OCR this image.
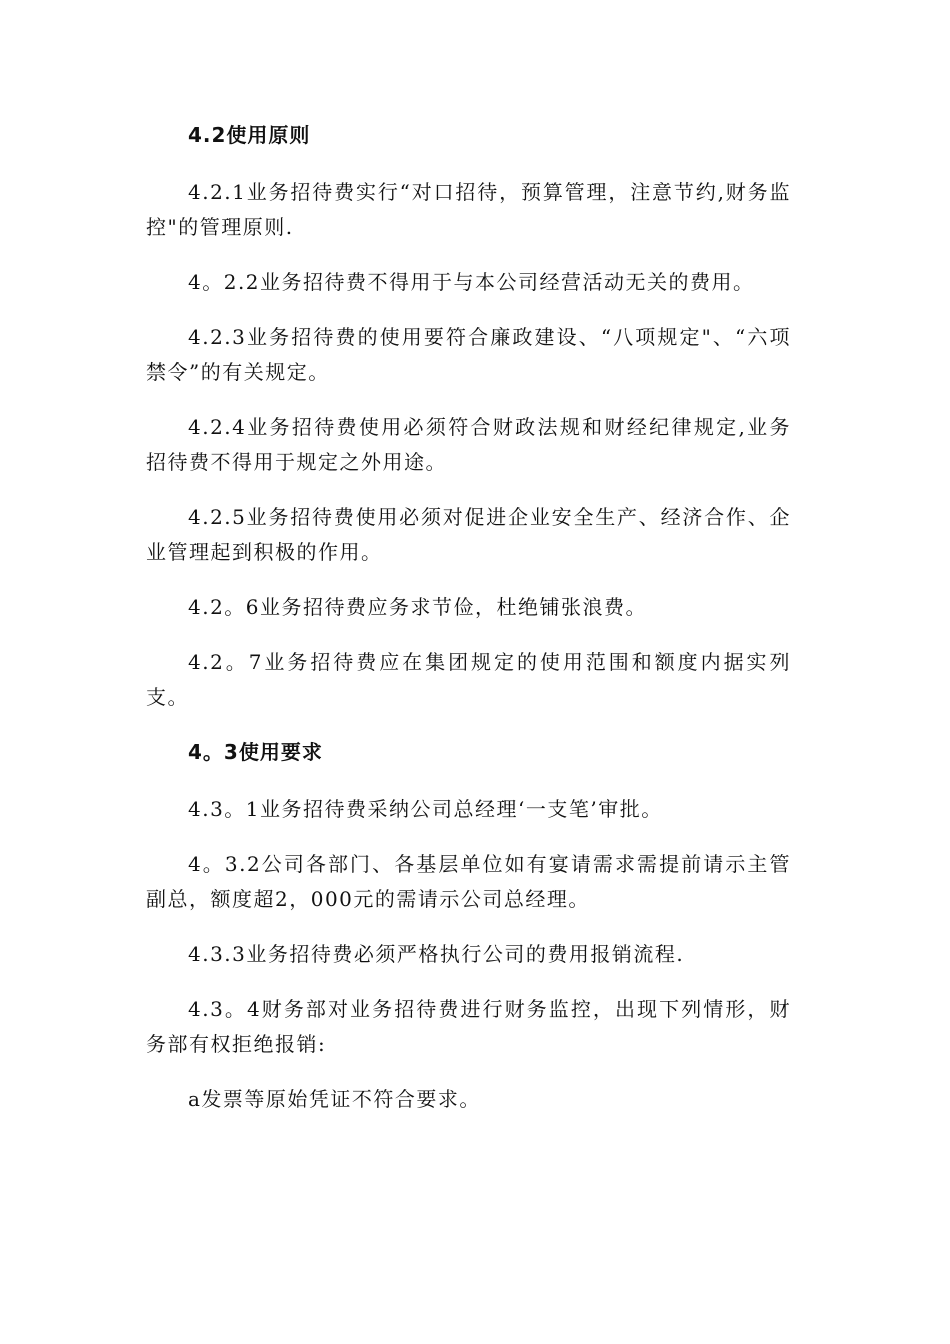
4.2使用原则

4.2.1业务招待费实行“对口招待，预算管理，注意节约,财务监控"的管理原则.

4。2.2业务招待费不得用于与本公司经营活动无关的费用。

4.2.3业务招待费的使用要符合廉政建设、“八项规定"、“六项禁令”的有关规定。

4.2.4业务招待费使用必须符合财政法规和财经纪律规定,业务招待费不得用于规定之外用途。

4.2.5业务招待费使用必须对促进企业安全生产、经济合作、企业管理起到积极的作用。

4.2。6业务招待费应务求节俭，杜绝铺张浪费。

4.2。7业务招待费应在集团规定的使用范围和额度内据实列支。

4。3使用要求

4.3。1业务招待费采纳公司总经理‘一支笔’审批。

4。3.2公司各部门、各基层单位如有宴请需求需提前请示主管副总，额度超2，000元的需请示公司总经理。

4.3.3业务招待费必须严格执行公司的费用报销流程.

4.3。4财务部对业务招待费进行财务监控，出现下列情形，财务部有权拒绝报销:

a发票等原始凭证不符合要求。
